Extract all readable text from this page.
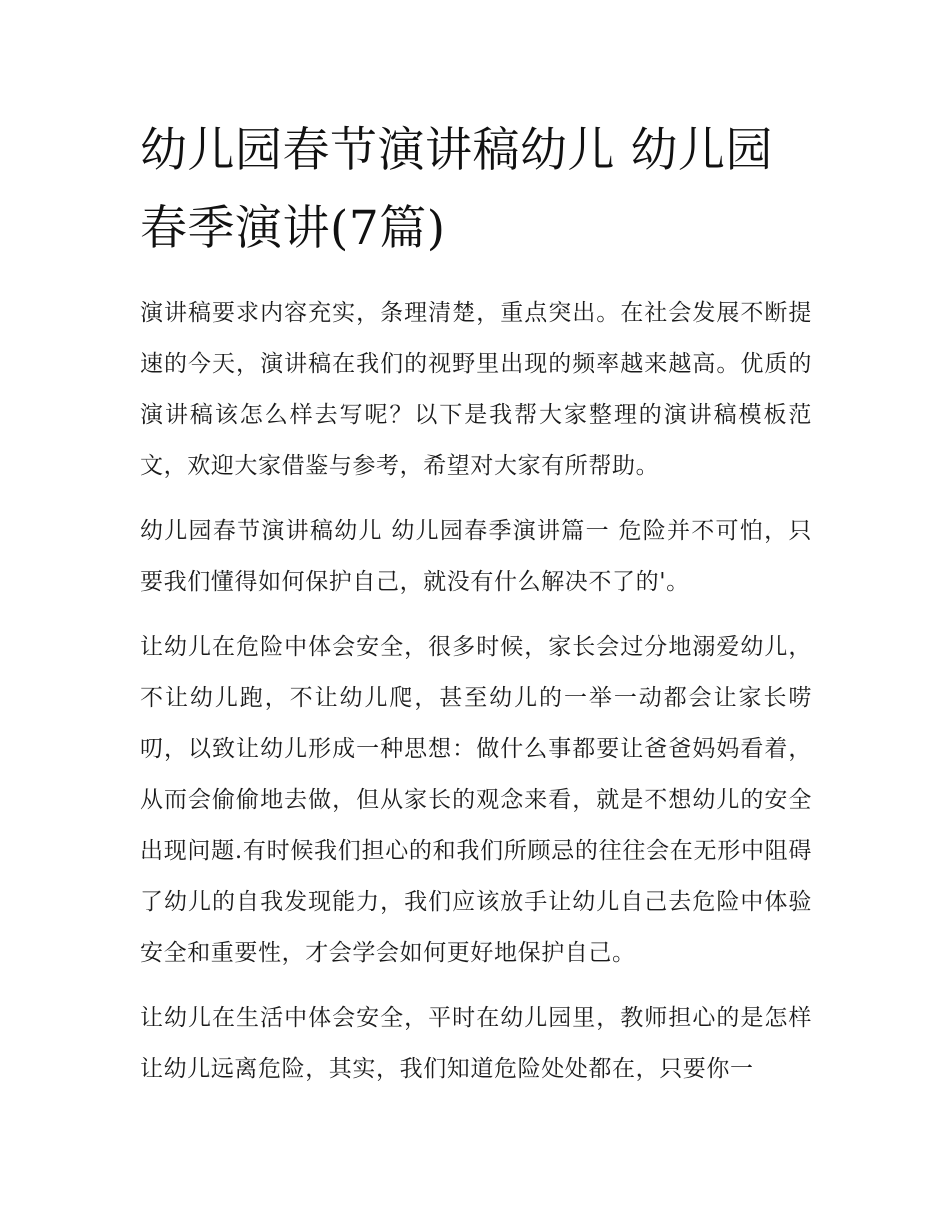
幼儿园春节演讲稿幼儿 幼儿园春季演讲(7篇)

演讲稿要求内容充实，条理清楚，重点突出。在社会发展不断提速的今天，演讲稿在我们的视野里出现的频率越来越高。优质的演讲稿该怎么样去写呢？以下是我帮大家整理的演讲稿模板范文，欢迎大家借鉴与参考，希望对大家有所帮助。

幼儿园春节演讲稿幼儿 幼儿园春季演讲篇一 危险并不可怕，只要我们懂得如何保护自己，就没有什么解决不了的'。

让幼儿在危险中体会安全，很多时候，家长会过分地溺爱幼儿，不让幼儿跑，不让幼儿爬，甚至幼儿的一举一动都会让家长唠叨，以致让幼儿形成一种思想：做什么事都要让爸爸妈妈看着，从而会偷偷地去做，但从家长的观念来看，就是不想幼儿的安全出现问题.有时候我们担心的和我们所顾忌的往往会在无形中阻碍了幼儿的自我发现能力，我们应该放手让幼儿自己去危险中体验安全和重要性，才会学会如何更好地保护自己。

让幼儿在生活中体会安全，平时在幼儿园里，教师担心的是怎样让幼儿远离危险，其实，我们知道危险处处都在，只要你一
